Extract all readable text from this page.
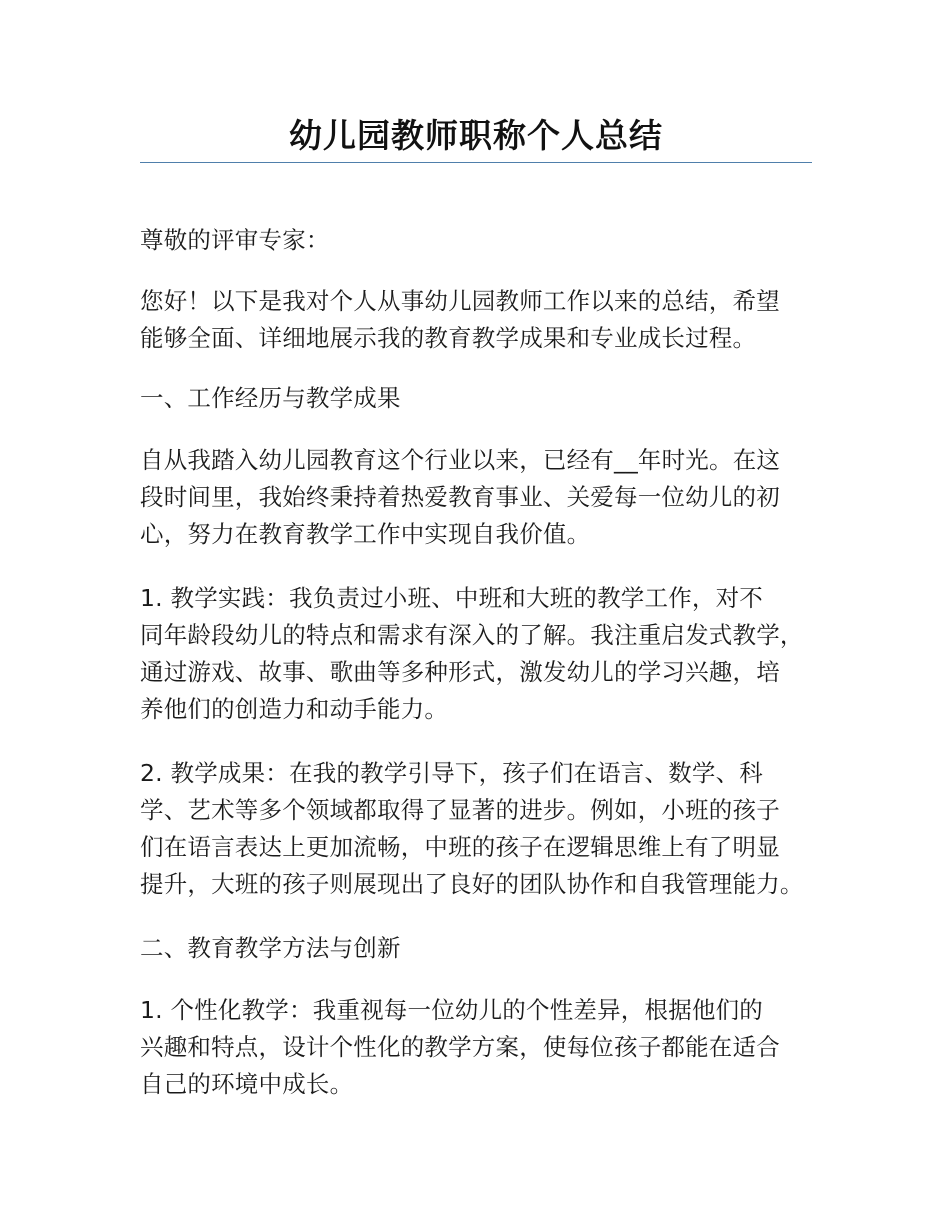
幼儿园教师职称个人总结

尊敬的评审专家：

您好！以下是我对个人从事幼儿园教师工作以来的总结，希望
能够全面、详细地展示我的教育教学成果和专业成长过程。

一、工作经历与教学成果

自从我踏入幼儿园教育这个行业以来，已经有__年时光。在这
段时间里，我始终秉持着热爱教育事业、关爱每一位幼儿的初
心，努力在教育教学工作中实现自我价值。

1. 教学实践：我负责过小班、中班和大班的教学工作，对不
同年龄段幼儿的特点和需求有深入的了解。我注重启发式教学，
通过游戏、故事、歌曲等多种形式，激发幼儿的学习兴趣，培
养他们的创造力和动手能力。

2. 教学成果：在我的教学引导下，孩子们在语言、数学、科
学、艺术等多个领域都取得了显著的进步。例如，小班的孩子
们在语言表达上更加流畅，中班的孩子在逻辑思维上有了明显
提升，大班的孩子则展现出了良好的团队协作和自我管理能力。

二、教育教学方法与创新

1. 个性化教学：我重视每一位幼儿的个性差异，根据他们的
兴趣和特点，设计个性化的教学方案，使每位孩子都能在适合
自己的环境中成长。
